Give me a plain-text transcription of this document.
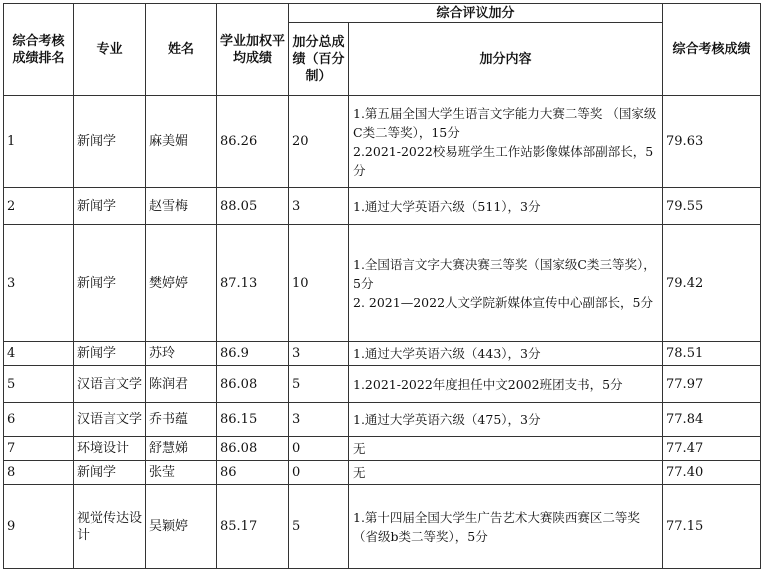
综合考核成绩排名	专业	姓名	学业加权平均成绩	综合评议加分		综合考核成绩
				加分总成绩（百分制）	加分内容	
1	新闻学	麻美媚	86.26	20	1.第五届全国大学生语言文字能力大赛二等奖 （国家级C类二等奖），15分
2.2021-2022校易班学生工作站影像媒体部副部长，5分	79.63
2	新闻学	赵雪梅	88.05	3	1.通过大学英语六级（511），3分	79.55
3	新闻学	樊婷婷	87.13	10	1.全国语言文字大赛决赛三等奖（国家级C类三等奖），5分
2. 2021—2022人文学院新媒体宣传中心副部长，5分	79.42
4	新闻学	苏玲	86.9	3	1.通过大学英语六级（443），3分	78.51
5	汉语言文学	陈润君	86.08	5	1.2021-2022年度担任中文2002班团支书，5分	77.97
6	汉语言文学	乔书蕴	86.15	3	1.通过大学英语六级（475），3分	77.84
7	环境设计	舒慧娣	86.08	0	无	77.47
8	新闻学	张莹	86	0	无	77.40
9	视觉传达设计	吴颖婷	85.17	5	1.第十四届全国大学生广告艺术大赛陕西赛区二等奖（省级b类二等奖），5分	77.15
